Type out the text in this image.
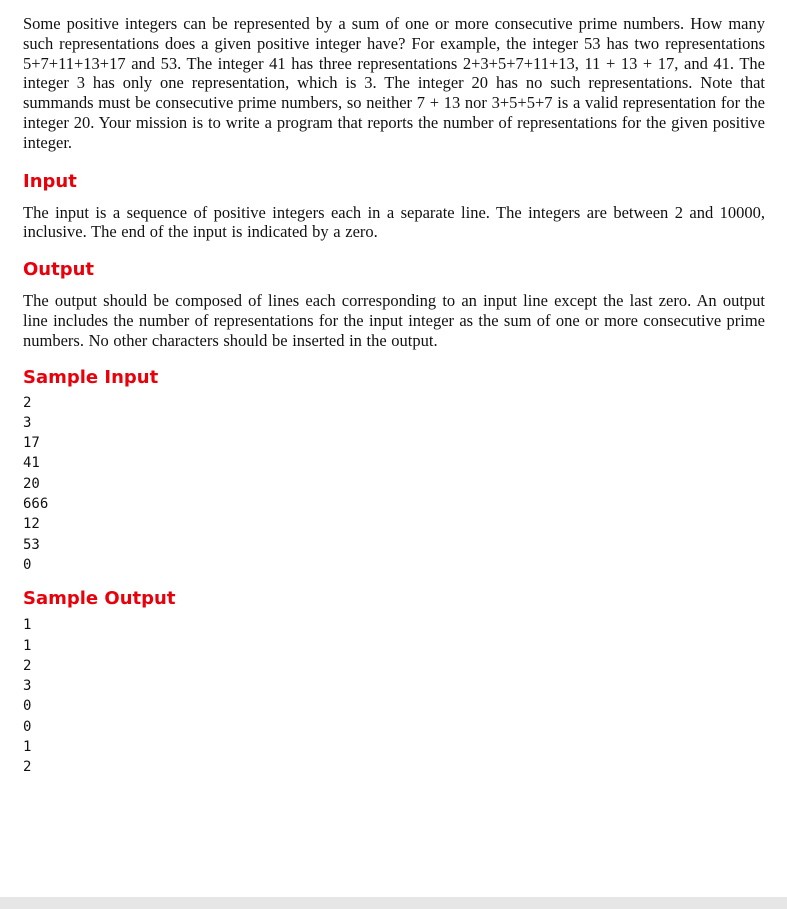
Some positive integers can be represented by a sum of one or more consecutive prime numbers. How many such representations does a given positive integer have? For example, the integer 53 has two representations 5+7+11+13+17 and 53. The integer 41 has three representations 2+3+5+7+11+13, 11 + 13 + 17, and 41. The integer 3 has only one representation, which is 3. The integer 20 has no such representations. Note that summands must be consecutive prime numbers, so neither 7 + 13 nor 3+5+5+7 is a valid representation for the integer 20. Your mission is to write a program that reports the number of representations for the given positive integer.

Input

The input is a sequence of positive integers each in a separate line. The integers are between 2 and 10000, inclusive. The end of the input is indicated by a zero.

Output

The output should be composed of lines each corresponding to an input line except the last zero. An output line includes the number of representations for the input integer as the sum of one or more consecutive prime numbers. No other characters should be inserted in the output.

Sample Input
2
3
17
41
20
666
12
53
0
Sample Output
1
1
2
3
0
0
1
2
